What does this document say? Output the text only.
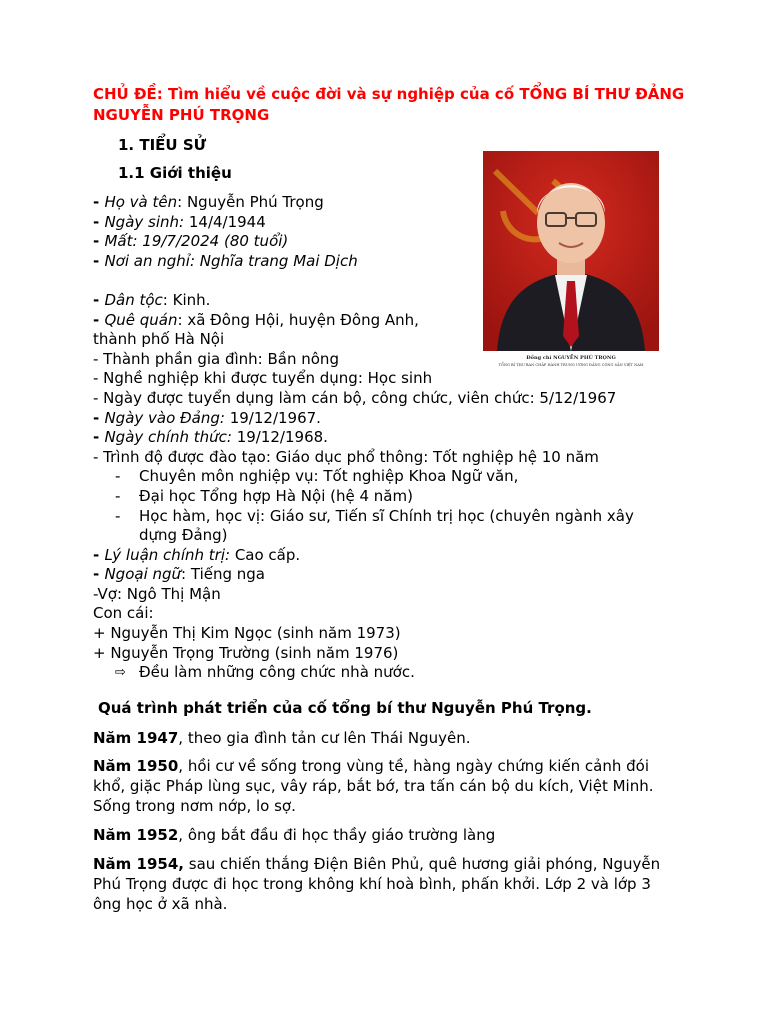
CHỦ ĐỀ: Tìm hiểu về cuộc đời và sự nghiệp của cố TỔNG BÍ THƯ ĐẢNG NGUYỄN PHÚ TRỌNG
1. TIỂU SỬ
1.1 Giới thiệu
Đồng chí NGUYỄN PHÚ TRỌNG
TỔNG BÍ THƯ BAN CHẤP HÀNH TRUNG ƯƠNG ĐẢNG CỘNG SẢN VIỆT NAM
- Họ và tên: Nguyễn Phú Trọng
- Ngày sinh: 14/4/1944
- Mất: 19/7/2024 (80 tuổi)
- Nơi an nghỉ: Nghĩa trang Mai Dịch
- Dân tộc: Kinh.
- Quê quán: xã Đông Hội, huyện Đông Anh,
thành phố Hà Nội
- Thành phần gia đình: Bần nông
- Nghề nghiệp khi được tuyển dụng: Học sinh
- Ngày được tuyển dụng làm cán bộ, công chức, viên chức: 5/12/1967
- Ngày vào Đảng: 19/12/1967.
- Ngày chính thức: 19/12/1968.
- Trình độ được đào tạo: Giáo dục phổ thông: Tốt nghiệp hệ 10 năm
- Chuyên môn nghiệp vụ: Tốt nghiệp Khoa Ngữ văn,
- Đại học Tổng hợp Hà Nội (hệ 4 năm)
- Học hàm, học vị: Giáo sư, Tiến sĩ Chính trị học (chuyên ngành xây
dựng Đảng)
- Lý luận chính trị: Cao cấp.
- Ngoại ngữ: Tiếng nga
-Vợ: Ngô Thị Mận
Con cái:
+ Nguyễn Thị Kim Ngọc (sinh năm 1973)
+ Nguyễn Trọng Trường (sinh năm 1976)
⇨ Đều làm những công chức nhà nước.
Quá trình phát triển của cố tổng bí thư Nguyễn Phú Trọng.
Năm 1947, theo gia đình tản cư lên Thái Nguyên.
Năm 1950, hồi cư về sống trong vùng tề, hàng ngày chứng kiến cảnh đói khổ, giặc Pháp lùng sục, vây ráp, bắt bớ, tra tấn cán bộ du kích, Việt Minh. Sống trong nơm nớp, lo sợ.
Năm 1952, ông bắt đầu đi học thầy giáo trường làng
Năm 1954, sau chiến thắng Điện Biên Phủ, quê hương giải phóng, Nguyễn Phú Trọng được đi học trong không khí hoà bình, phấn khởi. Lớp 2 và lớp 3 ông học ở xã nhà.
